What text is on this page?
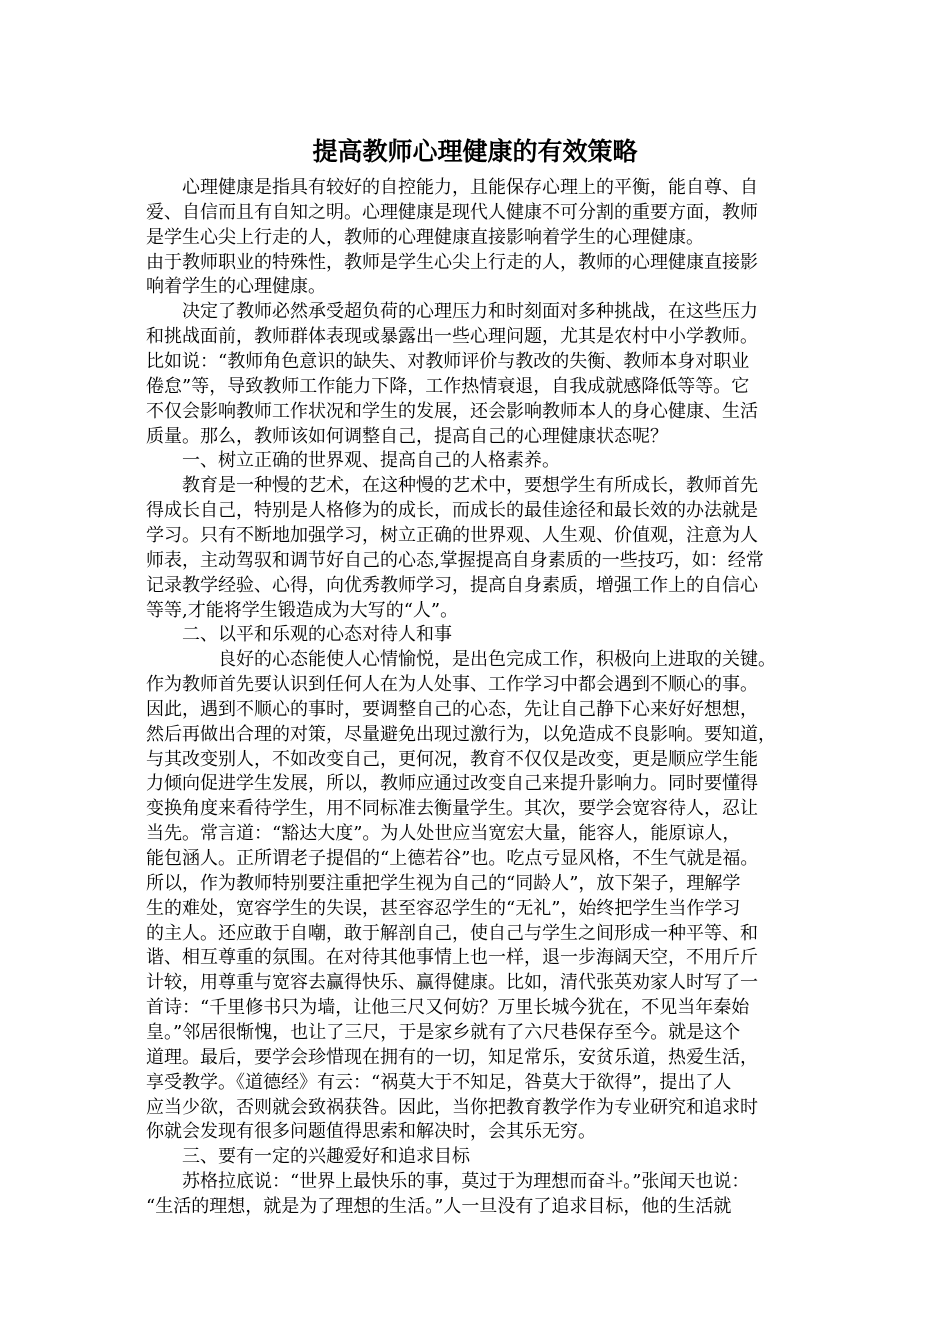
提高教师心理健康的有效策略
　　心理健康是指具有较好的自控能力，且能保存心理上的平衡，能自尊、自
爱、自信而且有自知之明。心理健康是现代人健康不可分割的重要方面，教师
是学生心尖上行走的人，教师的心理健康直接影响着学生的心理健康。
由于教师职业的特殊性，教师是学生心尖上行走的人，教师的心理健康直接影
响着学生的心理健康。
　　决定了教师必然承受超负荷的心理压力和时刻面对多种挑战，在这些压力
和挑战面前，教师群体表现或暴露出一些心理问题，尤其是农村中小学教师。
比如说：“教师角色意识的缺失、对教师评价与教改的失衡、教师本身对职业
倦怠”等，导致教师工作能力下降，工作热情衰退，自我成就感降低等等。它
不仅会影响教师工作状况和学生的发展，还会影响教师本人的身心健康、生活
质量。那么，教师该如何调整自己，提高自己的心理健康状态呢？
　　一、树立正确的世界观、提高自己的人格素养。
　　教育是一种慢的艺术，在这种慢的艺术中，要想学生有所成长，教师首先
得成长自己，特别是人格修为的成长，而成长的最佳途径和最长效的办法就是
学习。只有不断地加强学习，树立正确的世界观、人生观、价值观，注意为人
师表，主动驾驭和调节好自己的心态,掌握提高自身素质的一些技巧，如：经常
记录教学经验、心得，向优秀教师学习，提高自身素质，增强工作上的自信心
等等,才能将学生锻造成为大写的“人”。
　　二、以平和乐观的心态对待人和事
　　　　良好的心态能使人心情愉悦，是出色完成工作，积极向上进取的关键。
作为教师首先要认识到任何人在为人处事、工作学习中都会遇到不顺心的事。
因此，遇到不顺心的事时，要调整自己的心态，先让自己静下心来好好想想，
然后再做出合理的对策，尽量避免出现过激行为，以免造成不良影响。要知道，
与其改变别人，不如改变自己，更何况，教育不仅仅是改变，更是顺应学生能
力倾向促进学生发展，所以，教师应通过改变自己来提升影响力。同时要懂得
变换角度来看待学生，用不同标准去衡量学生。其次，要学会宽容待人，忍让
当先。常言道：“豁达大度”。为人处世应当宽宏大量，能容人，能原谅人，
能包涵人。正所谓老子提倡的“上德若谷”也。吃点亏显风格，不生气就是福。
所以，作为教师特别要注重把学生视为自己的“同龄人”，放下架子，理解学
生的难处，宽容学生的失误，甚至容忍学生的“无礼”，始终把学生当作学习
的主人。还应敢于自嘲，敢于解剖自己，使自己与学生之间形成一种平等、和
谐、相互尊重的氛围。在对待其他事情上也一样，退一步海阔天空，不用斤斤
计较，用尊重与宽容去赢得快乐、赢得健康。比如，清代张英劝家人时写了一
首诗：“千里修书只为墙，让他三尺又何妨？万里长城今犹在，不见当年秦始
皇。”邻居很惭愧，也让了三尺，于是家乡就有了六尺巷保存至今。就是这个
道理。最后，要学会珍惜现在拥有的一切，知足常乐，安贫乐道，热爱生活，
享受教学。《道德经》有云：“祸莫大于不知足，咎莫大于欲得”，提出了人
应当少欲，否则就会致祸获咎。因此，当你把教育教学作为专业研究和追求时
你就会发现有很多问题值得思索和解决时，会其乐无穷。
　　三、要有一定的兴趣爱好和追求目标
　　苏格拉底说：“世界上最快乐的事，莫过于为理想而奋斗。”张闻天也说：
“生活的理想，就是为了理想的生活。”人一旦没有了追求目标，他的生活就
